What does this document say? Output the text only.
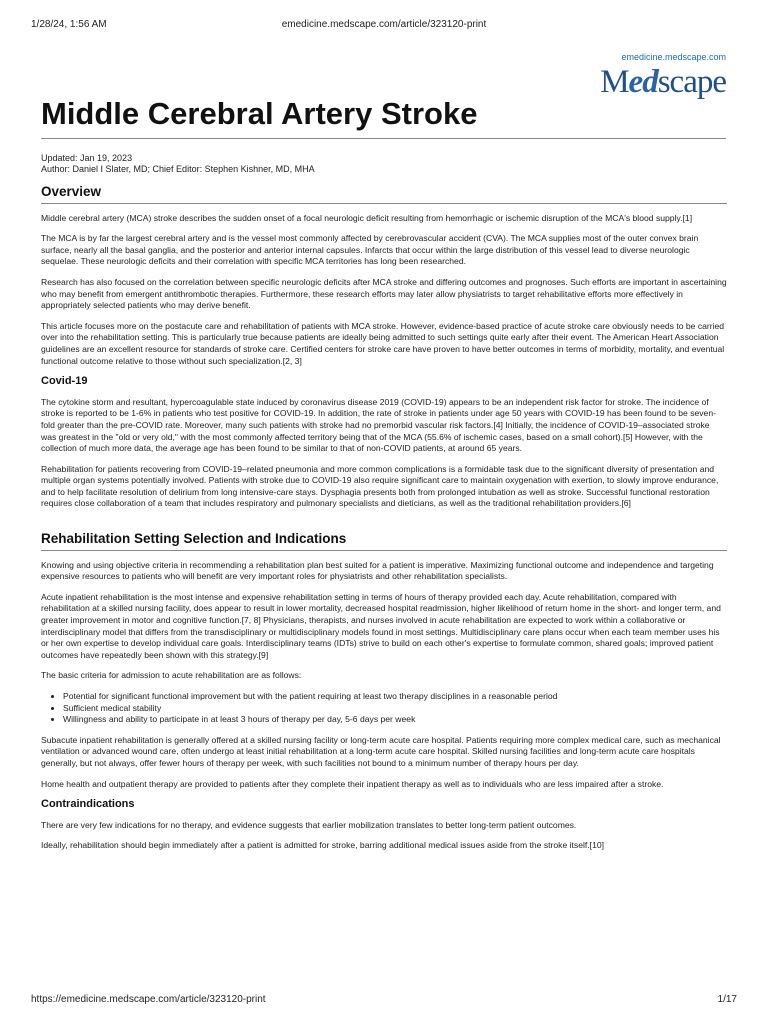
1/28/24, 1:56 AM	emedicine.medscape.com/article/323120-print
emedicine.medscape.com
Medscape
Middle Cerebral Artery Stroke
Updated: Jan 19, 2023
Author: Daniel I Slater, MD; Chief Editor: Stephen Kishner, MD, MHA
Overview

Middle cerebral artery (MCA) stroke describes the sudden onset of a focal neurologic deficit resulting from hemorrhagic or ischemic disruption of the MCA's blood supply.[1]

The MCA is by far the largest cerebral artery and is the vessel most commonly affected by cerebrovascular accident (CVA). The MCA supplies most of the outer convex brain surface, nearly all the basal ganglia, and the posterior and anterior internal capsules. Infarcts that occur within the large distribution of this vessel lead to diverse neurologic sequelae. These neurologic deficits and their correlation with specific MCA territories has long been researched.

Research has also focused on the correlation between specific neurologic deficits after MCA stroke and differing outcomes and prognoses. Such efforts are important in ascertaining who may benefit from emergent antithrombotic therapies. Furthermore, these research efforts may later allow physiatrists to target rehabilitative efforts more effectively in appropriately selected patients who may derive benefit.

This article focuses more on the postacute care and rehabilitation of patients with MCA stroke. However, evidence-based practice of acute stroke care obviously needs to be carried over into the rehabilitation setting. This is particularly true because patients are ideally being admitted to such settings quite early after their event. The American Heart Association guidelines are an excellent resource for standards of stroke care. Certified centers for stroke care have proven to have better outcomes in terms of morbidity, mortality, and eventual functional outcome relative to those without such specialization.[2, 3]

Covid-19

The cytokine storm and resultant, hypercoagulable state induced by coronavirus disease 2019 (COVID-19) appears to be an independent risk factor for stroke. The incidence of stroke is reported to be 1-6% in patients who test positive for COVID-19. In addition, the rate of stroke in patients under age 50 years with COVID-19 has been found to be seven-fold greater than the pre-COVID rate. Moreover, many such patients with stroke had no premorbid vascular risk factors.[4] Initially, the incidence of COVID-19–associated stroke was greatest in the "old or very old," with the most commonly affected territory being that of the MCA (55.6% of ischemic cases, based on a small cohort).[5] However, with the collection of much more data, the average age has been found to be similar to that of non-COVID patients, at around 65 years.

Rehabilitation for patients recovering from COVID-19–related pneumonia and more common complications is a formidable task due to the significant diversity of presentation and multiple organ systems potentially involved. Patients with stroke due to COVID-19 also require significant care to maintain oxygenation with exertion, to slowly improve endurance, and to help facilitate resolution of delirium from long intensive-care stays. Dysphagia presents both from prolonged intubation as well as stroke. Successful functional restoration requires close collaboration of a team that includes respiratory and pulmonary specialists and dieticians, as well as the traditional rehabilitation providers.[6]

Rehabilitation Setting Selection and Indications

Knowing and using objective criteria in recommending a rehabilitation plan best suited for a patient is imperative. Maximizing functional outcome and independence and targeting expensive resources to patients who will benefit are very important roles for physiatrists and other rehabilitation specialists.

Acute inpatient rehabilitation is the most intense and expensive rehabilitation setting in terms of hours of therapy provided each day. Acute rehabilitation, compared with rehabilitation at a skilled nursing facility, does appear to result in lower mortality, decreased hospital readmission, higher likelihood of return home in the short- and longer term, and greater improvement in motor and cognitive function.[7, 8] Physicians, therapists, and nurses involved in acute rehabilitation are expected to work within a collaborative or interdisciplinary model that differs from the transdisciplinary or multidisciplinary models found in most settings. Multidisciplinary care plans occur when each team member uses his or her own expertise to develop individual care goals. Interdisciplinary teams (IDTs) strive to build on each other's expertise to formulate common, shared goals; improved patient outcomes have repeatedly been shown with this strategy.[9]

The basic criteria for admission to acute rehabilitation are as follows:

• Potential for significant functional improvement but with the patient requiring at least two therapy disciplines in a reasonable period
• Sufficient medical stability
• Willingness and ability to participate in at least 3 hours of therapy per day, 5-6 days per week

Subacute inpatient rehabilitation is generally offered at a skilled nursing facility or long-term acute care hospital. Patients requiring more complex medical care, such as mechanical ventilation or advanced wound care, often undergo at least initial rehabilitation at a long-term acute care hospital. Skilled nursing facilities and long-term acute care hospitals generally, but not always, offer fewer hours of therapy per week, with such facilities not bound to a minimum number of therapy hours per day.

Home health and outpatient therapy are provided to patients after they complete their inpatient therapy as well as to individuals who are less impaired after a stroke.

Contraindications

There are very few indications for no therapy, and evidence suggests that earlier mobilization translates to better long-term patient outcomes.

Ideally, rehabilitation should begin immediately after a patient is admitted for stroke, barring additional medical issues aside from the stroke itself.[10]

https://emedicine.medscape.com/article/323120-print	1/17
